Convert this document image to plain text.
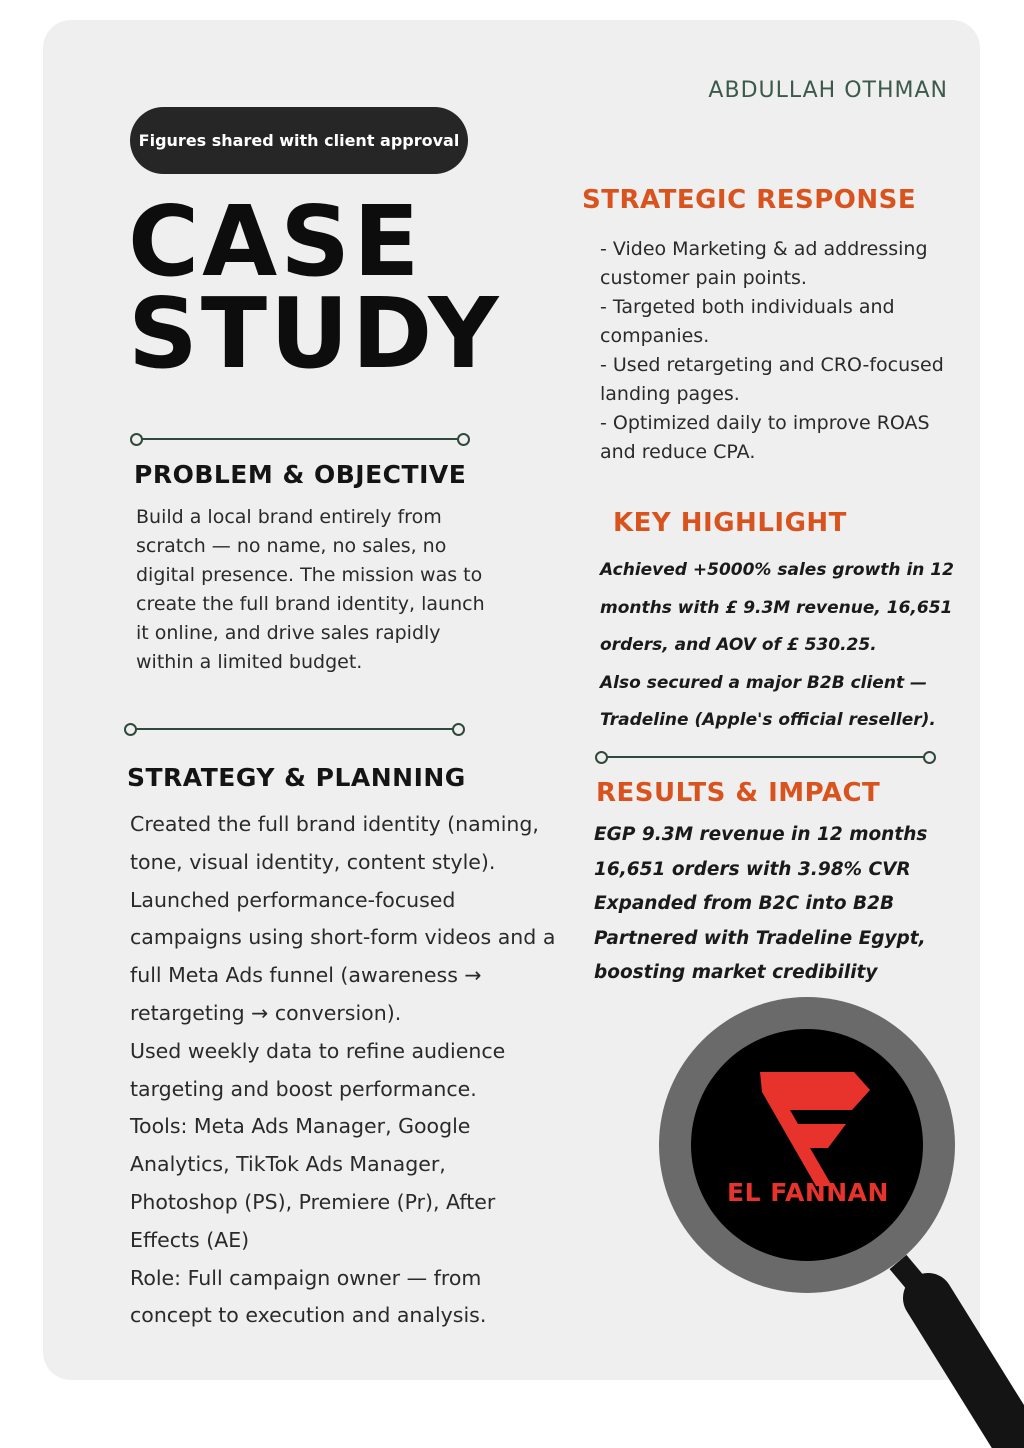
ABDULLAH OTHMAN
Figures shared with client approval
CASE
STUDY
PROBLEM & OBJECTIVE

Build a local brand entirely from scratch — no name, no sales, no digital presence. The mission was to create the full brand identity, launch it online, and drive sales rapidly within a limited budget.

STRATEGY & PLANNING
Created the full brand identity (naming, tone, visual identity, content style).
Launched performance-focused campaigns using short-form videos and a full Meta Ads funnel (awareness → retargeting → conversion).
Used weekly data to refine audience targeting and boost performance.
Tools: Meta Ads Manager, Google Analytics, TikTok Ads Manager, Photoshop (PS), Premiere (Pr), After Effects (AE)
Role: Full campaign owner — from concept to execution and analysis.
STRATEGIC RESPONSE
- Video Marketing & ad addressing customer pain points.
- Targeted both individuals and companies.
- Used retargeting and CRO-focused landing pages.
- Optimized daily to improve ROAS and reduce CPA.
KEY HIGHLIGHT
Achieved +5000% sales growth in 12 months with £ 9.3M revenue, 16,651 orders, and AOV of £ 530.25.
Also secured a major B2B client — Tradeline (Apple's official reseller).
RESULTS & IMPACT
EGP 9.3M revenue in 12 months
16,651 orders with 3.98% CVR
Expanded from B2C into B2B
Partnered with Tradeline Egypt, boosting market credibility
EL FANNAN
